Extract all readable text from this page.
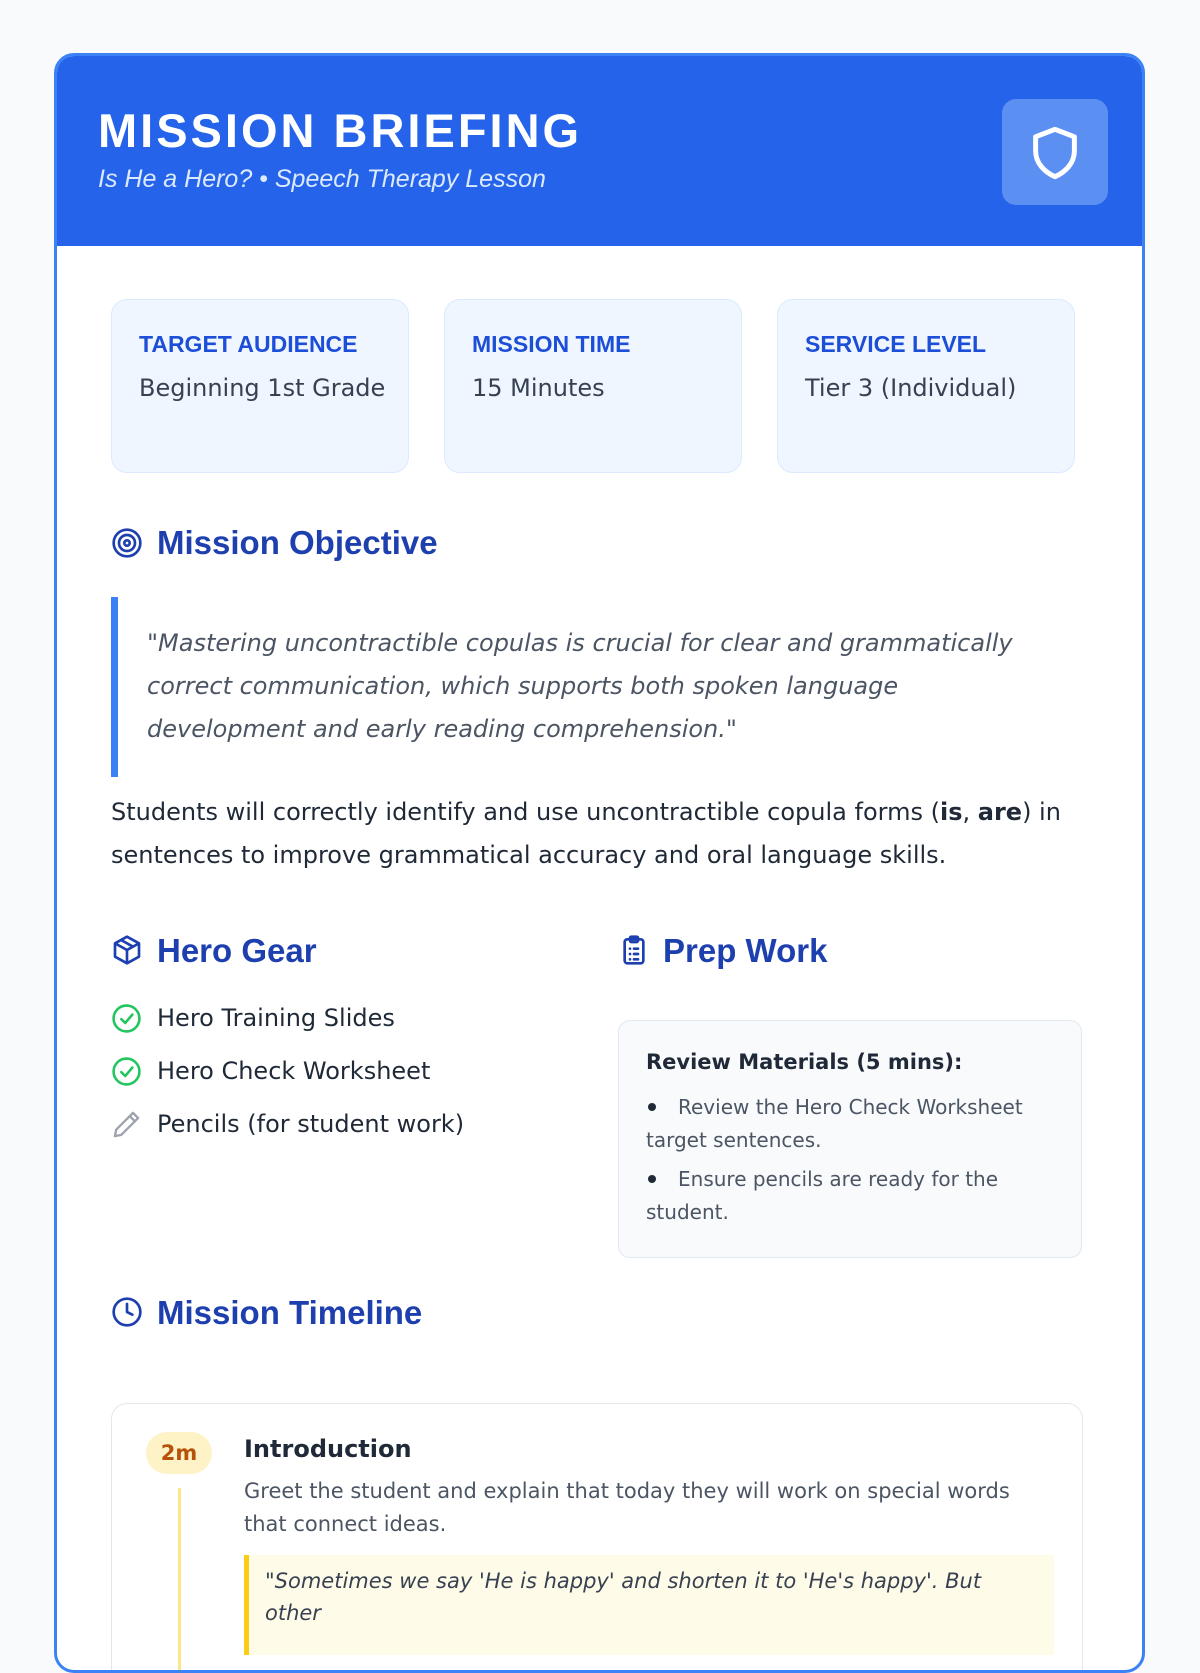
MISSION BRIEFING
Is He a Hero? • Speech Therapy Lesson
TARGET AUDIENCE
Beginning 1st Grade
MISSION TIME
15 Minutes
SERVICE LEVEL
Tier 3 (Individual)
Mission Objective
"Mastering uncontractible copulas is crucial for clear and grammatically correct communication, which supports both spoken language development and early reading comprehension."
Students will correctly identify and use uncontractible copula forms (is, are) in sentences to improve grammatical accuracy and oral language skills.
Hero Gear
Hero Training Slides
Hero Check Worksheet
Pencils (for student work)
Prep Work
Review Materials (5 mins):
Review the Hero Check Worksheet target sentences.
Ensure pencils are ready for the student.
Mission Timeline
2m	Introduction
Greet the student and explain that today they will work on special words that connect ideas.
"Sometimes we say 'He is happy' and shorten it to 'He's happy'. But other
